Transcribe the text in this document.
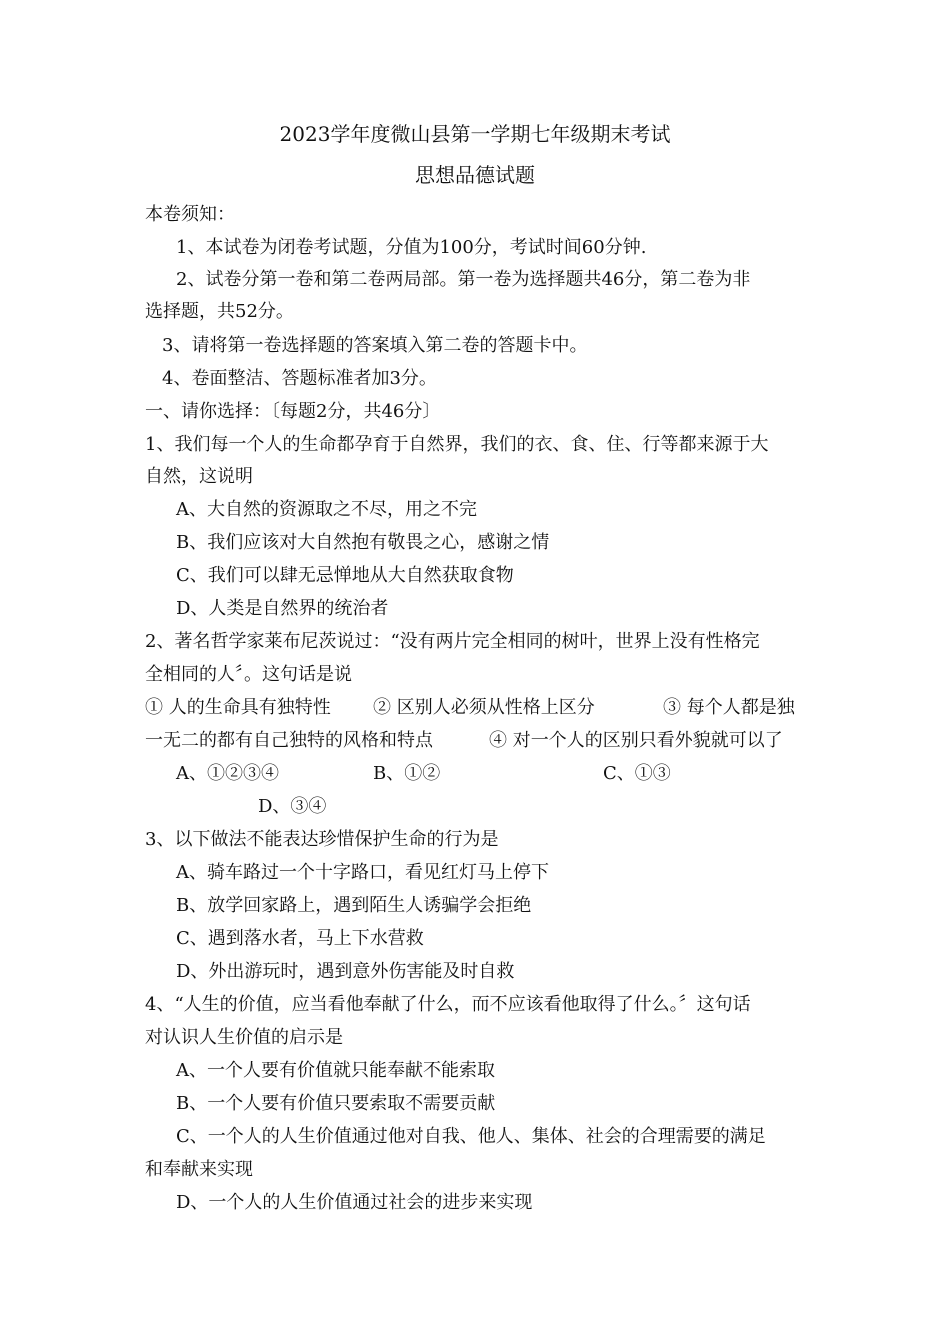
2023学年度微山县第一学期七年级期末考试
思想品德试题
本卷须知：
1、本试卷为闭卷考试题，分值为100分，考试时间60分钟.
2、试卷分第一卷和第二卷两局部。第一卷为选择题共46分，第二卷为非
选择题，共52分。
3、请将第一卷选择题的答案填入第二卷的答题卡中。
4、卷面整洁、答题标准者加3分。
一、请你选择：〔每题2分，共46分〕
1、我们每一个人的生命都孕育于自然界，我们的衣、食、住、行等都来源于大
自然，这说明
A、大自然的资源取之不尽，用之不完
B、我们应该对大自然抱有敬畏之心，感谢之情
C、我们可以肆无忌惮地从大自然获取食物
D、人类是自然界的统治者
2、著名哲学家莱布尼茨说过：“没有两片完全相同的树叶，世界上没有性格完
全相同的人〞。这句话是说
① 人的生命具有独特性 ② 区别人必须从性格上区分	③ 每个人都是独
一无二的都有自己独特的风格和特点	④ 对一个人的区别只看外貌就可以了
A、①②③④	B、①②	C、①③
D、③④
3、以下做法不能表达珍惜保护生命的行为是
A、骑车路过一个十字路口，看见红灯马上停下
B、放学回家路上，遇到陌生人诱骗学会拒绝
C、遇到落水者，马上下水营救
D、外出游玩时，遇到意外伤害能及时自救
4、“人生的价值，应当看他奉献了什么，而不应该看他取得了什么。〞这句话
对认识人生价值的启示是
A、一个人要有价值就只能奉献不能索取
B、一个人要有价值只要索取不需要贡献
C、一个人的人生价值通过他对自我、他人、集体、社会的合理需要的满足
和奉献来实现
D、一个人的人生价值通过社会的进步来实现
